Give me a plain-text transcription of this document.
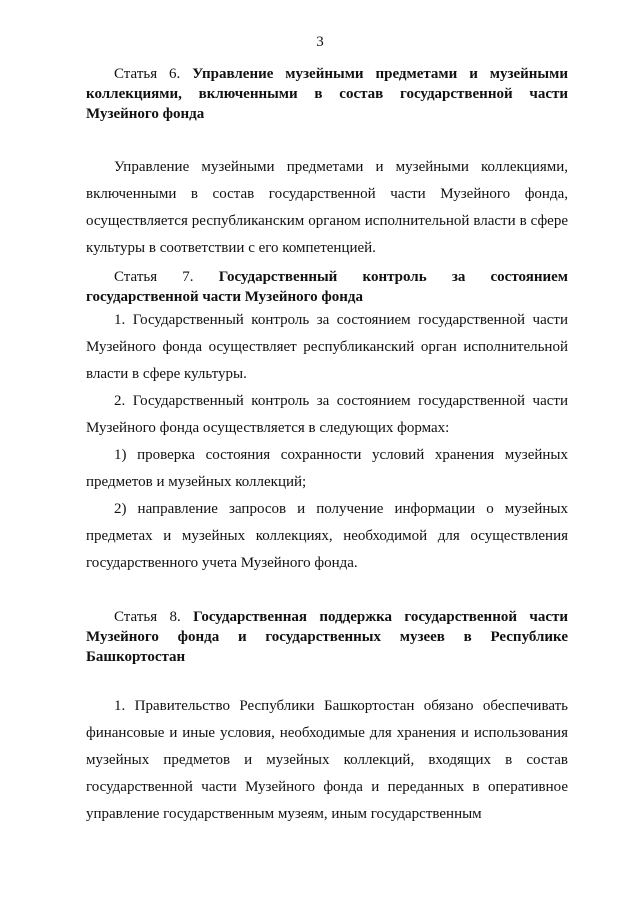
3

Статья 6. Управление музейными предметами и музейными коллекциями, включенными в состав государственной части Музейного фонда

Управление музейными предметами и музейными коллекциями, включенными в состав государственной части Музейного фонда, осуществляется республиканским органом исполнительной власти в сфере культуры в соответствии с его компетенцией.

Статья 7. Государственный контроль за состоянием государственной части Музейного фонда

1. Государственный контроль за состоянием государственной части Музейного фонда осуществляет республиканский орган исполнительной власти в сфере культуры.

2. Государственный контроль за состоянием государственной части Музейного фонда осуществляется в следующих формах:

1) проверка состояния сохранности условий хранения музейных предметов и музейных коллекций;

2) направление запросов и получение информации о музейных предметах и музейных коллекциях, необходимой для осуществления государственного учета Музейного фонда.

Статья 8. Государственная поддержка государственной части Музейного фонда и государственных музеев в Республике Башкортостан

1. Правительство Республики Башкортостан обязано обеспечивать финансовые и иные условия, необходимые для хранения и использования музейных предметов и музейных коллекций, входящих в состав государственной части Музейного фонда и переданных в оперативное управление государственным музеям, иным государственным
